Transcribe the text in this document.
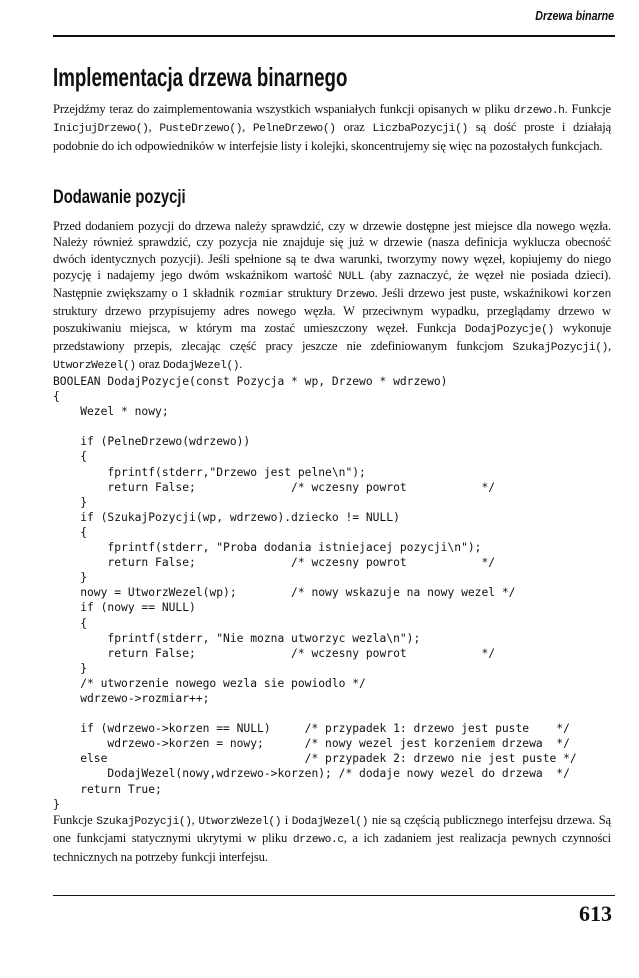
Drzewa binarne
Implementacja drzewa binarnego

Przejdźmy teraz do zaimplementowania wszystkich wspaniałych funkcji opisanych w pliku drzewo.h. Funkcje InicjujDrzewo(), PusteDrzewo(), PelneDrzewo() oraz LiczbaPozycji() są dość proste i działają podobnie do ich odpowiedników w interfejsie listy i kolejki, skoncentrujemy się więc na pozostałych funkcjach.

Dodawanie pozycji

Przed dodaniem pozycji do drzewa należy sprawdzić, czy w drzewie dostępne jest miejsce dla nowego węzła. Należy również sprawdzić, czy pozycja nie znajduje się już w drzewie (nasza definicja wyklucza obecność dwóch identycznych pozycji). Jeśli spełnione są te dwa warunki, tworzymy nowy węzeł, kopiujemy do niego pozycję i nadajemy jego dwóm wskaźnikom wartość NULL (aby zaznaczyć, że węzeł nie posiada dzieci). Następnie zwiększamy o 1 składnik rozmiar struktury Drzewo. Jeśli drzewo jest puste, wskaźnikowi korzen struktury drzewo przypisujemy adres nowego węzła. W przeciwnym wypadku, przeglądamy drzewo w poszukiwaniu miejsca, w którym ma zostać umieszczony węzeł. Funkcja DodajPozycje() wykonuje przedstawiony przepis, zlecając część pracy jeszcze nie zdefiniowanym funkcjom SzukajPozycji(), UtworzWezel() oraz DodajWezel().

BOOLEAN DodajPozycje(const Pozycja * wp, Drzewo * wdrzewo)
{
Wezel * nowy;
if (PelneDrzewo(wdrzewo))
{
fprintf(stderr,"Drzewo jest pelne\n");
return False;              /* wczesny powrot           */
}
if (SzukajPozycji(wp, wdrzewo).dziecko != NULL)
{
fprintf(stderr, "Proba dodania istniejacej pozycji\n");
return False;              /* wczesny powrot           */
}
nowy = UtworzWezel(wp);        /* nowy wskazuje na nowy wezel */
if (nowy == NULL)
{
fprintf(stderr, "Nie mozna utworzyc wezla\n");
return False;              /* wczesny powrot           */
}
/* utworzenie nowego wezla sie powiodlo */
wdrzewo->rozmiar++;
if (wdrzewo->korzen == NULL)     /* przypadek 1: drzewo jest puste    */
wdrzewo->korzen = nowy;      /* nowy wezel jest korzeniem drzewa  */
else                             /* przypadek 2: drzewo nie jest puste */
DodajWezel(nowy,wdrzewo->korzen); /* dodaje nowy wezel do drzewa  */
return True;
}

Funkcje SzukajPozycji(), UtworzWezel() i DodajWezel() nie są częścią publicznego interfejsu drzewa. Są one funkcjami statycznymi ukrytymi w pliku drzewo.c, a ich zadaniem jest realizacja pewnych czynności technicznych na potrzeby funkcji interfejsu.

613
